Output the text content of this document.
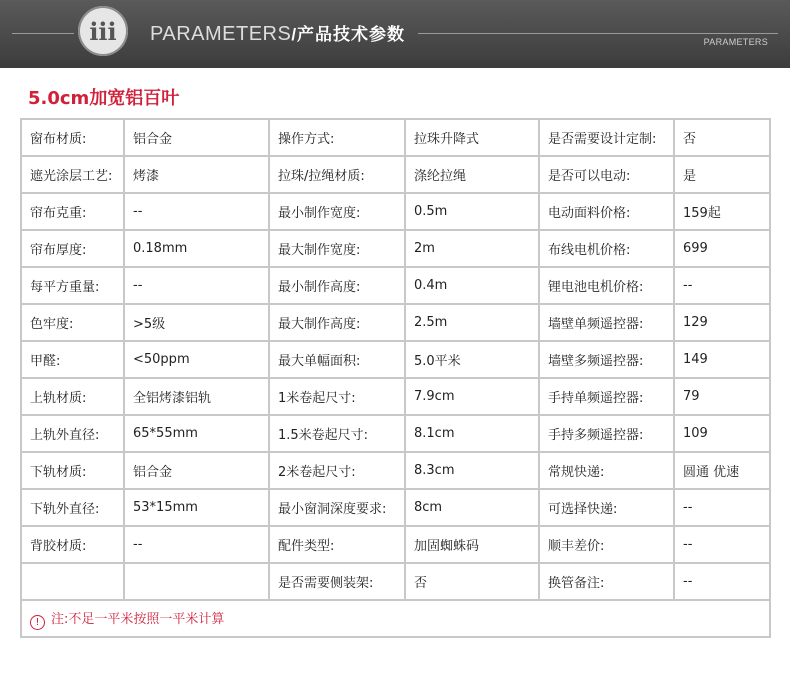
iii	PARAMETERS/产品技术参数	PARAMETERS
5.0cm加宽铝百叶
窗布材质:	铝合金	操作方式:	拉珠升降式	是否需要设计定制:	否
遮光涂层工艺:	烤漆	拉珠/拉绳材质:	涤纶拉绳	是否可以电动:	是
帘布克重:	--	最小制作宽度:	0.5m	电动面料价格:	159起
帘布厚度:	0.18mm	最大制作宽度:	2m	布线电机价格:	699
每平方重量:	--	最小制作高度:	0.4m	锂电池电机价格:	--
色牢度:	>5级	最大制作高度:	2.5m	墙壁单频遥控器:	129
甲醛:	<50ppm	最大单幅面积:	5.0平米	墙壁多频遥控器:	149
上轨材质:	全铝烤漆铝轨	1米卷起尺寸:	7.9cm	手持单频遥控器:	79
上轨外直径:	65*55mm	1.5米卷起尺寸:	8.1cm	手持多频遥控器:	109
下轨材质:	铝合金	2米卷起尺寸:	8.3cm	常规快递:	圆通 优速
下轨外直径:	53*15mm	最小窗洞深度要求:	8cm	可选择快递:	--
背胶材质:	--	配件类型:	加固蜘蛛码	顺丰差价:	--
		是否需要侧装架:	否	换管备注:	--
! 注:不足一平米按照一平米计算					
